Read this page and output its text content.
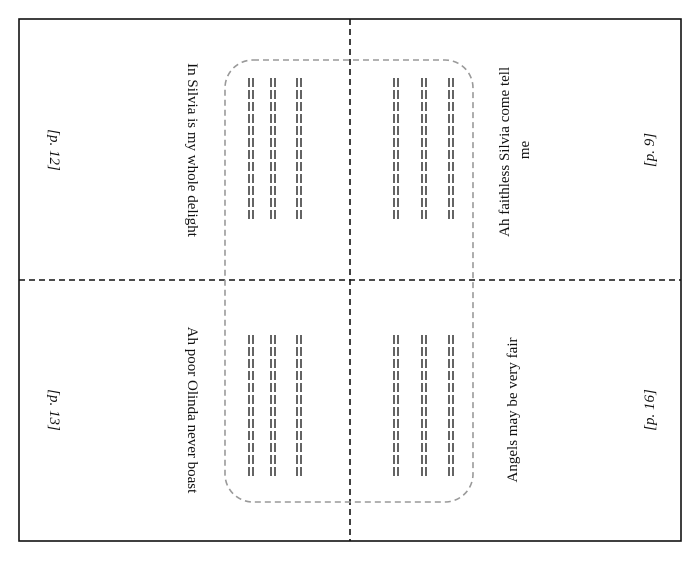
In Silvia is my whole delight
[p. 12]
Ah poor Olinda never boast
[p. 13]
Ah faithless Silvia come tell me	[p. 9]
Angels may be very fair	[p. 16]
